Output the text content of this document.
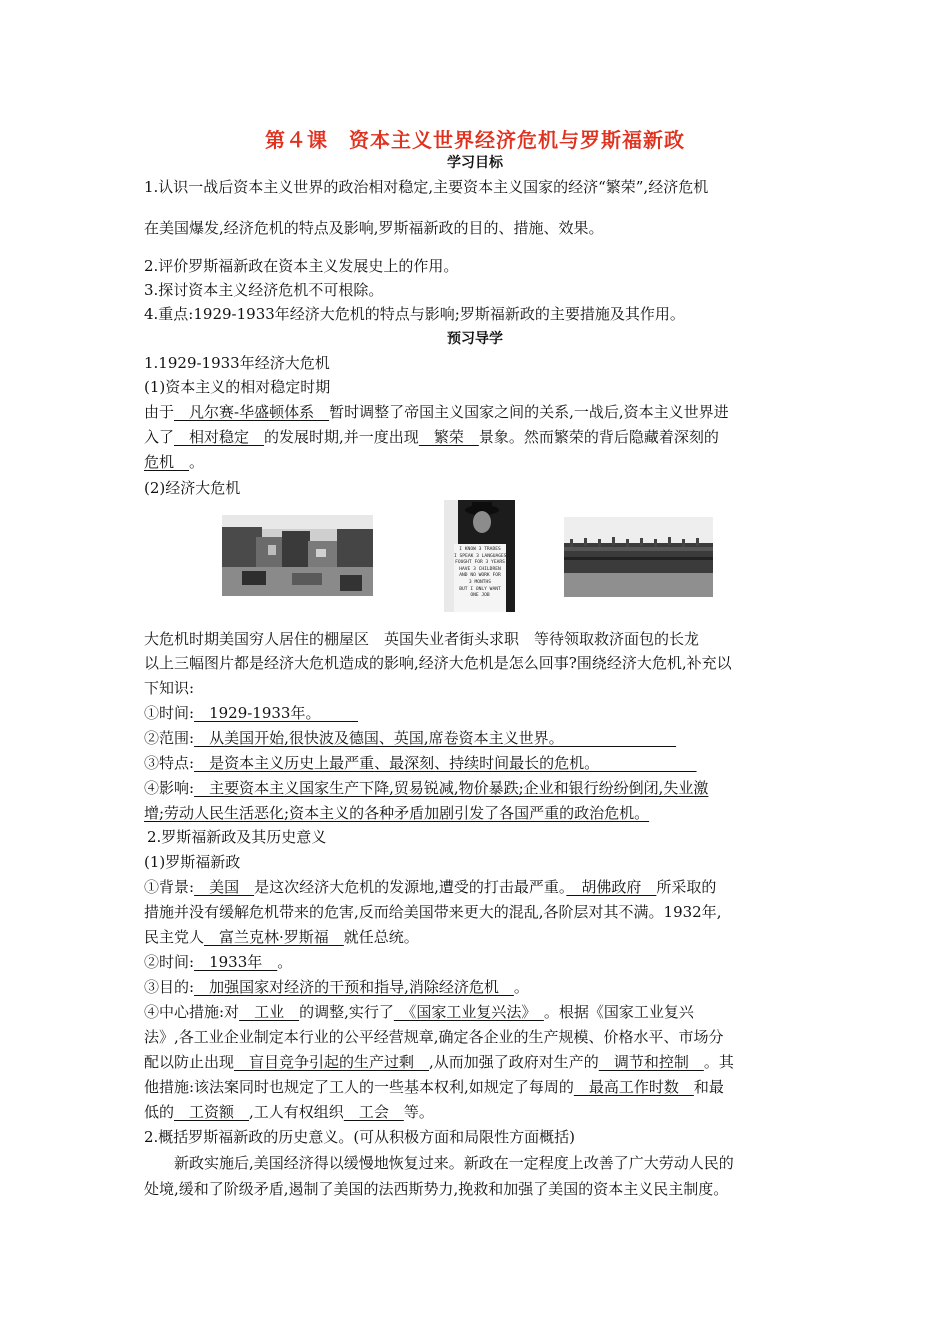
第４课　资本主义世界经济危机与罗斯福新政
学习目标
1.认识一战后资本主义世界的政治相对稳定,主要资本主义国家的经济“繁荣”,经济危机
在美国爆发,经济危机的特点及影响,罗斯福新政的目的、措施、效果。
2.评价罗斯福新政在资本主义发展史上的作用。
3.探讨资本主义经济危机不可根除。
4.重点:1929-1933年经济大危机的特点与影响;罗斯福新政的主要措施及其作用。
预习导学
1.1929-1933年经济大危机
(1)资本主义的相对稳定时期
由于　凡尔赛-华盛顿体系　暂时调整了帝国主义国家之间的关系,一战后,资本主义世界进
入了　相对稳定　的发展时期,并一度出现　繁荣　景象。然而繁荣的背后隐藏着深刻的
危机　。
(2)经济大危机
I KNOW 3 TRADES
I SPEAK 3 LANGUAGES
FOUGHT FOR 3 YEARS
HAVE 3 CHILDREN
AND NO WORK FOR
3 MONTHS
BUT I ONLY WANT
ONE JOB
大危机时期美国穷人居住的棚屋区　英国失业者街头求职　等待领取救济面包的长龙
以上三幅图片都是经济大危机造成的影响,经济大危机是怎么回事?围绕经济大危机,补充以
下知识:
①时间:　1929-1933年。　　　
②范围:　从美国开始,很快波及德国、英国,席卷资本主义世界。　　　　　　　　
③特点:　是资本主义历史上最严重、最深刻、持续时间最长的危机。　　　　　　　
④影响:　主要资本主义国家生产下降,贸易锐减,物价暴跌;企业和银行纷纷倒闭,失业激
增;劳动人民生活恶化;资本主义的各种矛盾加剧引发了各国严重的政治危机。
2.罗斯福新政及其历史意义
(1)罗斯福新政
①背景:　美国　是这次经济大危机的发源地,遭受的打击最严重。　胡佛政府　所采取的
措施并没有缓解危机带来的危害,反而给美国带来更大的混乱,各阶层对其不满。1932年,
民主党人　富兰克林·罗斯福　就任总统。
②时间:　1933年　。
③目的:　加强国家对经济的干预和指导,消除经济危机　。
④中心措施:对　工业　的调整,实行了　《国家工业复兴法》　。根据《国家工业复兴
法》,各工业企业制定本行业的公平经营规章,确定各企业的生产规模、价格水平、市场分
配以防止出现　盲目竞争引起的生产过剩　,从而加强了政府对生产的　调节和控制　。其
他措施:该法案同时也规定了工人的一些基本权利,如规定了每周的　最高工作时数　和最
低的　工资额　,工人有权组织　工会　等。
2.概括罗斯福新政的历史意义。(可从积极方面和局限性方面概括)
　　新政实施后,美国经济得以缓慢地恢复过来。新政在一定程度上改善了广大劳动人民的
处境,缓和了阶级矛盾,遏制了美国的法西斯势力,挽救和加强了美国的资本主义民主制度。
